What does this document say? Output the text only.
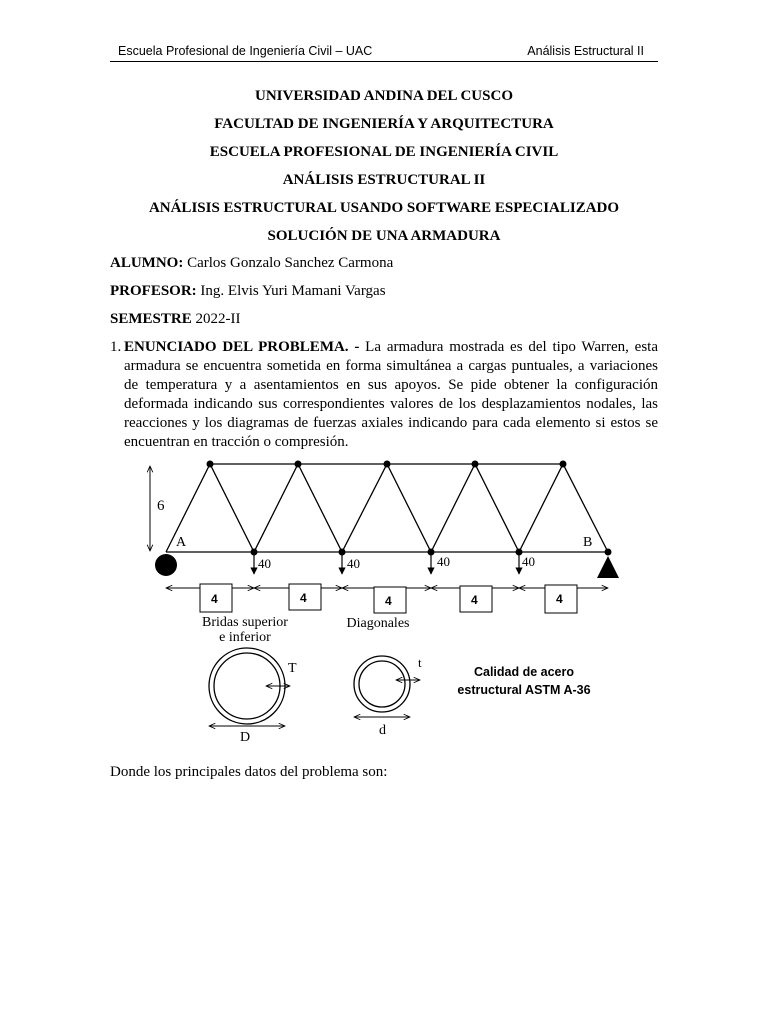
Escuela Profesional de Ingeniería Civil – UAC	Análisis Estructural II
UNIVERSIDAD ANDINA DEL CUSCO
FACULTAD DE INGENIERÍA Y ARQUITECTURA
ESCUELA PROFESIONAL DE INGENIERÍA CIVIL
ANÁLISIS ESTRUCTURAL II
ANÁLISIS ESTRUCTURAL USANDO SOFTWARE ESPECIALIZADO
SOLUCIÓN DE UNA ARMADURA
ALUMNO: Carlos Gonzalo Sanchez Carmona
PROFESOR: Ing. Elvis Yuri Mamani Vargas
SEMESTRE 2022-II
1. ENUNCIADO DEL PROBLEMA. - La armadura mostrada es del tipo Warren, esta armadura se encuentra sometida en forma simultánea a cargas puntuales, a variaciones de temperatura y a asentamientos en sus apoyos. Se pide obtener la configuración deformada indicando sus correspondientes valores de los desplazamientos nodales, las reacciones y los diagramas de fuerzas axiales indicando para cada elemento si estos se encuentran en tracción o compresión.
6
A	B
40	40	40	40
4	4	4	4	4
Bridas superior
e inferior
Diagonales
T
D
t
d
Calidad de acero
estructural ASTM A-36
Donde los principales datos del problema son:
